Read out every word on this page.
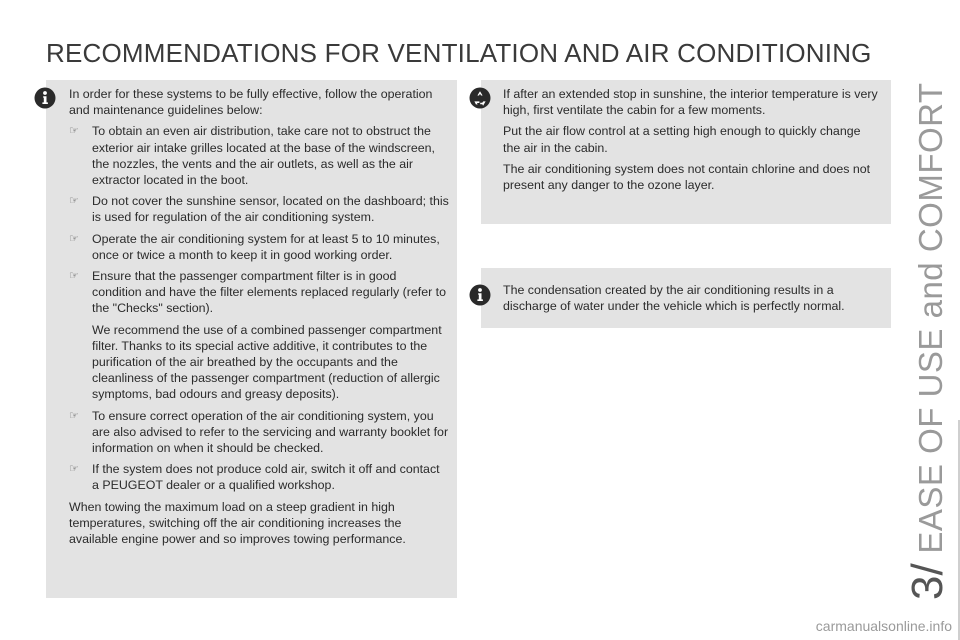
RECOMMENDATIONS FOR VENTILATION AND AIR CONDITIONING

In order for these systems to be fully effective, follow the operation and maintenance guidelines below:

☞ To obtain an even air distribution, take care not to obstruct the exterior air intake grilles located at the base of the windscreen, the nozzles, the vents and the air outlets, as well as the air extractor located in the boot.
☞ Do not cover the sunshine sensor, located on the dashboard; this is used for regulation of the air conditioning system.
☞ Operate the air conditioning system for at least 5 to 10 minutes, once or twice a month to keep it in good working order.
☞ Ensure that the passenger compartment filter is in good condition and have the filter elements replaced regularly (refer to the "Checks" section).
We recommend the use of a combined passenger compartment filter. Thanks to its special active additive, it contributes to the purification of the air breathed by the occupants and the cleanliness of the passenger compartment (reduction of allergic symptoms, bad odours and greasy deposits).
☞ To ensure correct operation of the air conditioning system, you are also advised to refer to the servicing and warranty booklet for information on when it should be checked.
☞ If the system does not produce cold air, switch it off and contact a PEUGEOT dealer or a qualified workshop.

When towing the maximum load on a steep gradient in high temperatures, switching off the air conditioning increases the available engine power and so improves towing performance.

If after an extended stop in sunshine, the interior temperature is very high, first ventilate the cabin for a few moments.

Put the air flow control at a setting high enough to quickly change the air in the cabin.

The air conditioning system does not contain chlorine and does not present any danger to the ozone layer.

The condensation created by the air conditioning results in a discharge of water under the vehicle which is perfectly normal.
3/ EASE OF USE and COMFORT
carmanualsonline.info
